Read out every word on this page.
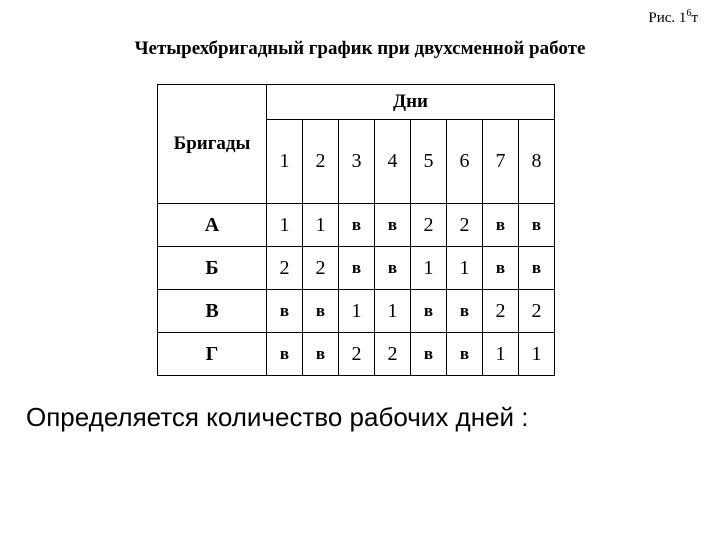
Рис. $1^6т$
Четырехбригадный график при двухсменной работе
Бригады	Дни							
	1	2	3	4	5	6	7	8
А	1	1	в	в	2	2	в	в
Б	2	2	в	в	1	1	в	в
В	в	в	1	1	в	в	2	2
Г	в	в	2	2	в	в	1	1
Определяется количество рабочих дней :
